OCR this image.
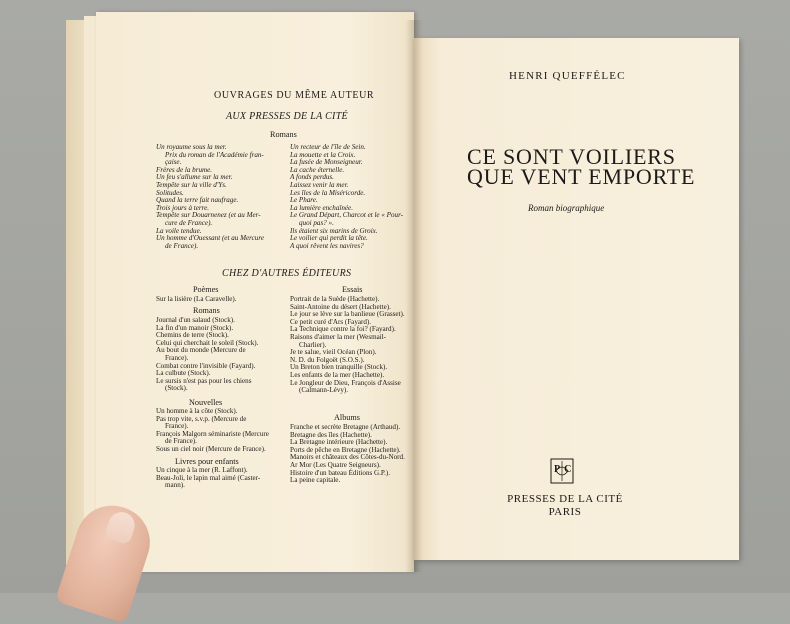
OUVRAGES DU MÊME AUTEUR
AUX PRESSES DE LA CITÉ
Romans
Un royaume sous la mer.
Prix du roman de l'Académie fran-
çaise.
Frères de la brume.
Un feu s'allume sur la mer.
Tempête sur la ville d'Ys.
Solitudes.
Quand la terre fait naufrage.
Trois jours à terre.
Tempête sur Douarnenez (et au Mer-
cure de France).
La voile tendue.
Un homme d'Ouessant (et au Mercure
de France).
Un recteur de l'île de Sein.
La mouette et la Croix.
La fusée de Monseigneur.
La cache éternelle.
A fonds perdus.
Laissez venir la mer.
Les îles de la Miséricorde.
Le Phare.
La lumière enchaînée.
Le Grand Départ, Charcot et le « Pour-
quoi pas? ».
Ils étaient six marins de Groix.
Le voilier qui perdit la tête.
A quoi rêvent les navires?
CHEZ D'AUTRES ÉDITEURS
Poèmes
Sur la lisière (La Caravelle).
Romans
Journal d'un salaud (Stock).
La fin d'un manoir (Stock).
Chemins de terre (Stock).
Celui qui cherchait le soleil (Stock).
Au bout du monde (Mercure de
France).
Combat contre l'invisible (Fayard).
La culbute (Stock).
Le sursis n'est pas pour les chiens
(Stock).
Nouvelles
Un homme à la côte (Stock).
Pas trop vite, s.v.p. (Mercure de
France).
François Malgorn séminariste (Mercure
de France).
Sous un ciel noir (Mercure de France).
Livres pour enfants
Un cinque à la mer (R. Laffont).
Beau-Joli, le lapin mal aimé (Caster-
mann).
Essais
Portrait de la Suède (Hachette).
Saint-Antoine du désert (Hachette).
Le jour se lève sur la banlieue (Grasset).
Ce petit curé d'Ars (Fayard).
La Technique contre la foi? (Fayard).
Raisons d'aimer la mer (Wesmail-
Charlier).
Je te salue, vieil Océan (Plon).
N. D. du Folgoët (S.O.S.).
Un Breton bien tranquille (Stock).
Les enfants de la mer (Hachette).
Le Jongleur de Dieu, François d'Assise
(Calmann-Lévy).
Albums
Franche et secrète Bretagne (Arthaud).
Bretagne des îles (Hachette).
La Bretagne intérieure (Hachette).
Ports de pêche en Bretagne (Hachette).
Manoirs et châteaux des Côtes-du-Nord.
Ar Mor (Les Quatre Seigneurs).
Histoire d'un bateau Éditions G.P.).
La peine capitale.
HENRI QUEFFÉLEC
CE SONT VOILIERS
QUE VENT EMPORTE
Roman biographique
PC
PRESSES DE LA CITÉ
PARIS
